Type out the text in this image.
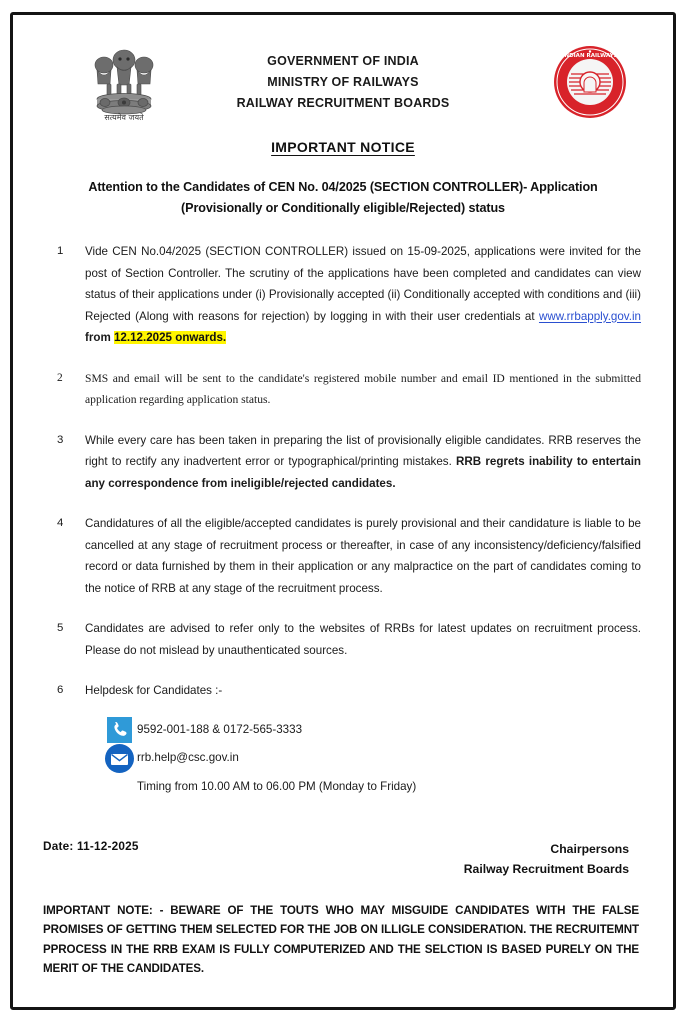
सत्यमेव जयते
GOVERNMENT OF INDIA
MINISTRY OF RAILWAYS
RAILWAY RECRUITMENT BOARDS
INDIAN RAILWAYS
IMPORTANT NOTICE
Attention to the Candidates of CEN No. 04/2025 (SECTION CONTROLLER)- Application
(Provisionally or Conditionally eligible/Rejected) status
1 Vide CEN No.04/2025 (SECTION CONTROLLER) issued on 15-09-2025, applications were invited for the post of Section Controller. The scrutiny of the applications have been completed and candidates can view status of their applications under (i) Provisionally accepted (ii) Conditionally accepted with conditions and (iii) Rejected (Along with reasons for rejection) by logging in with their user credentials at www.rrbapply.gov.in from 12.12.2025 onwards.
2 SMS and email will be sent to the candidate's registered mobile number and email ID mentioned in the submitted application regarding application status.
3 While every care has been taken in preparing the list of provisionally eligible candidates. RRB reserves the right to rectify any inadvertent error or typographical/printing mistakes. RRB regrets inability to entertain any correspondence from ineligible/rejected candidates.
4 Candidatures of all the eligible/accepted candidates is purely provisional and their candidature is liable to be cancelled at any stage of recruitment process or thereafter, in case of any inconsistency/deficiency/falsified record or data furnished by them in their application or any malpractice on the part of candidates coming to the notice of RRB at any stage of the recruitment process.
5 Candidates are advised to refer only to the websites of RRBs for latest updates on recruitment process. Please do not mislead by unauthenticated sources.
6 Helpdesk for Candidates :-
9592-001-188 & 0172-565-3333
rrb.help@csc.gov.in
Timing from 10.00 AM to 06.00 PM (Monday to Friday)
Date: 11-12-2025	Chairpersons
Railway Recruitment Boards
IMPORTANT NOTE: - BEWARE OF THE TOUTS WHO MAY MISGUIDE CANDIDATES WITH THE FALSE PROMISES OF GETTING THEM SELECTED FOR THE JOB ON ILLIGLE CONSIDERATION. THE RECRUITEMNT PPROCESS IN THE RRB EXAM IS FULLY COMPUTERIZED AND THE SELCTION IS BASED PURELY ON THE MERIT OF THE CANDIDATES.
